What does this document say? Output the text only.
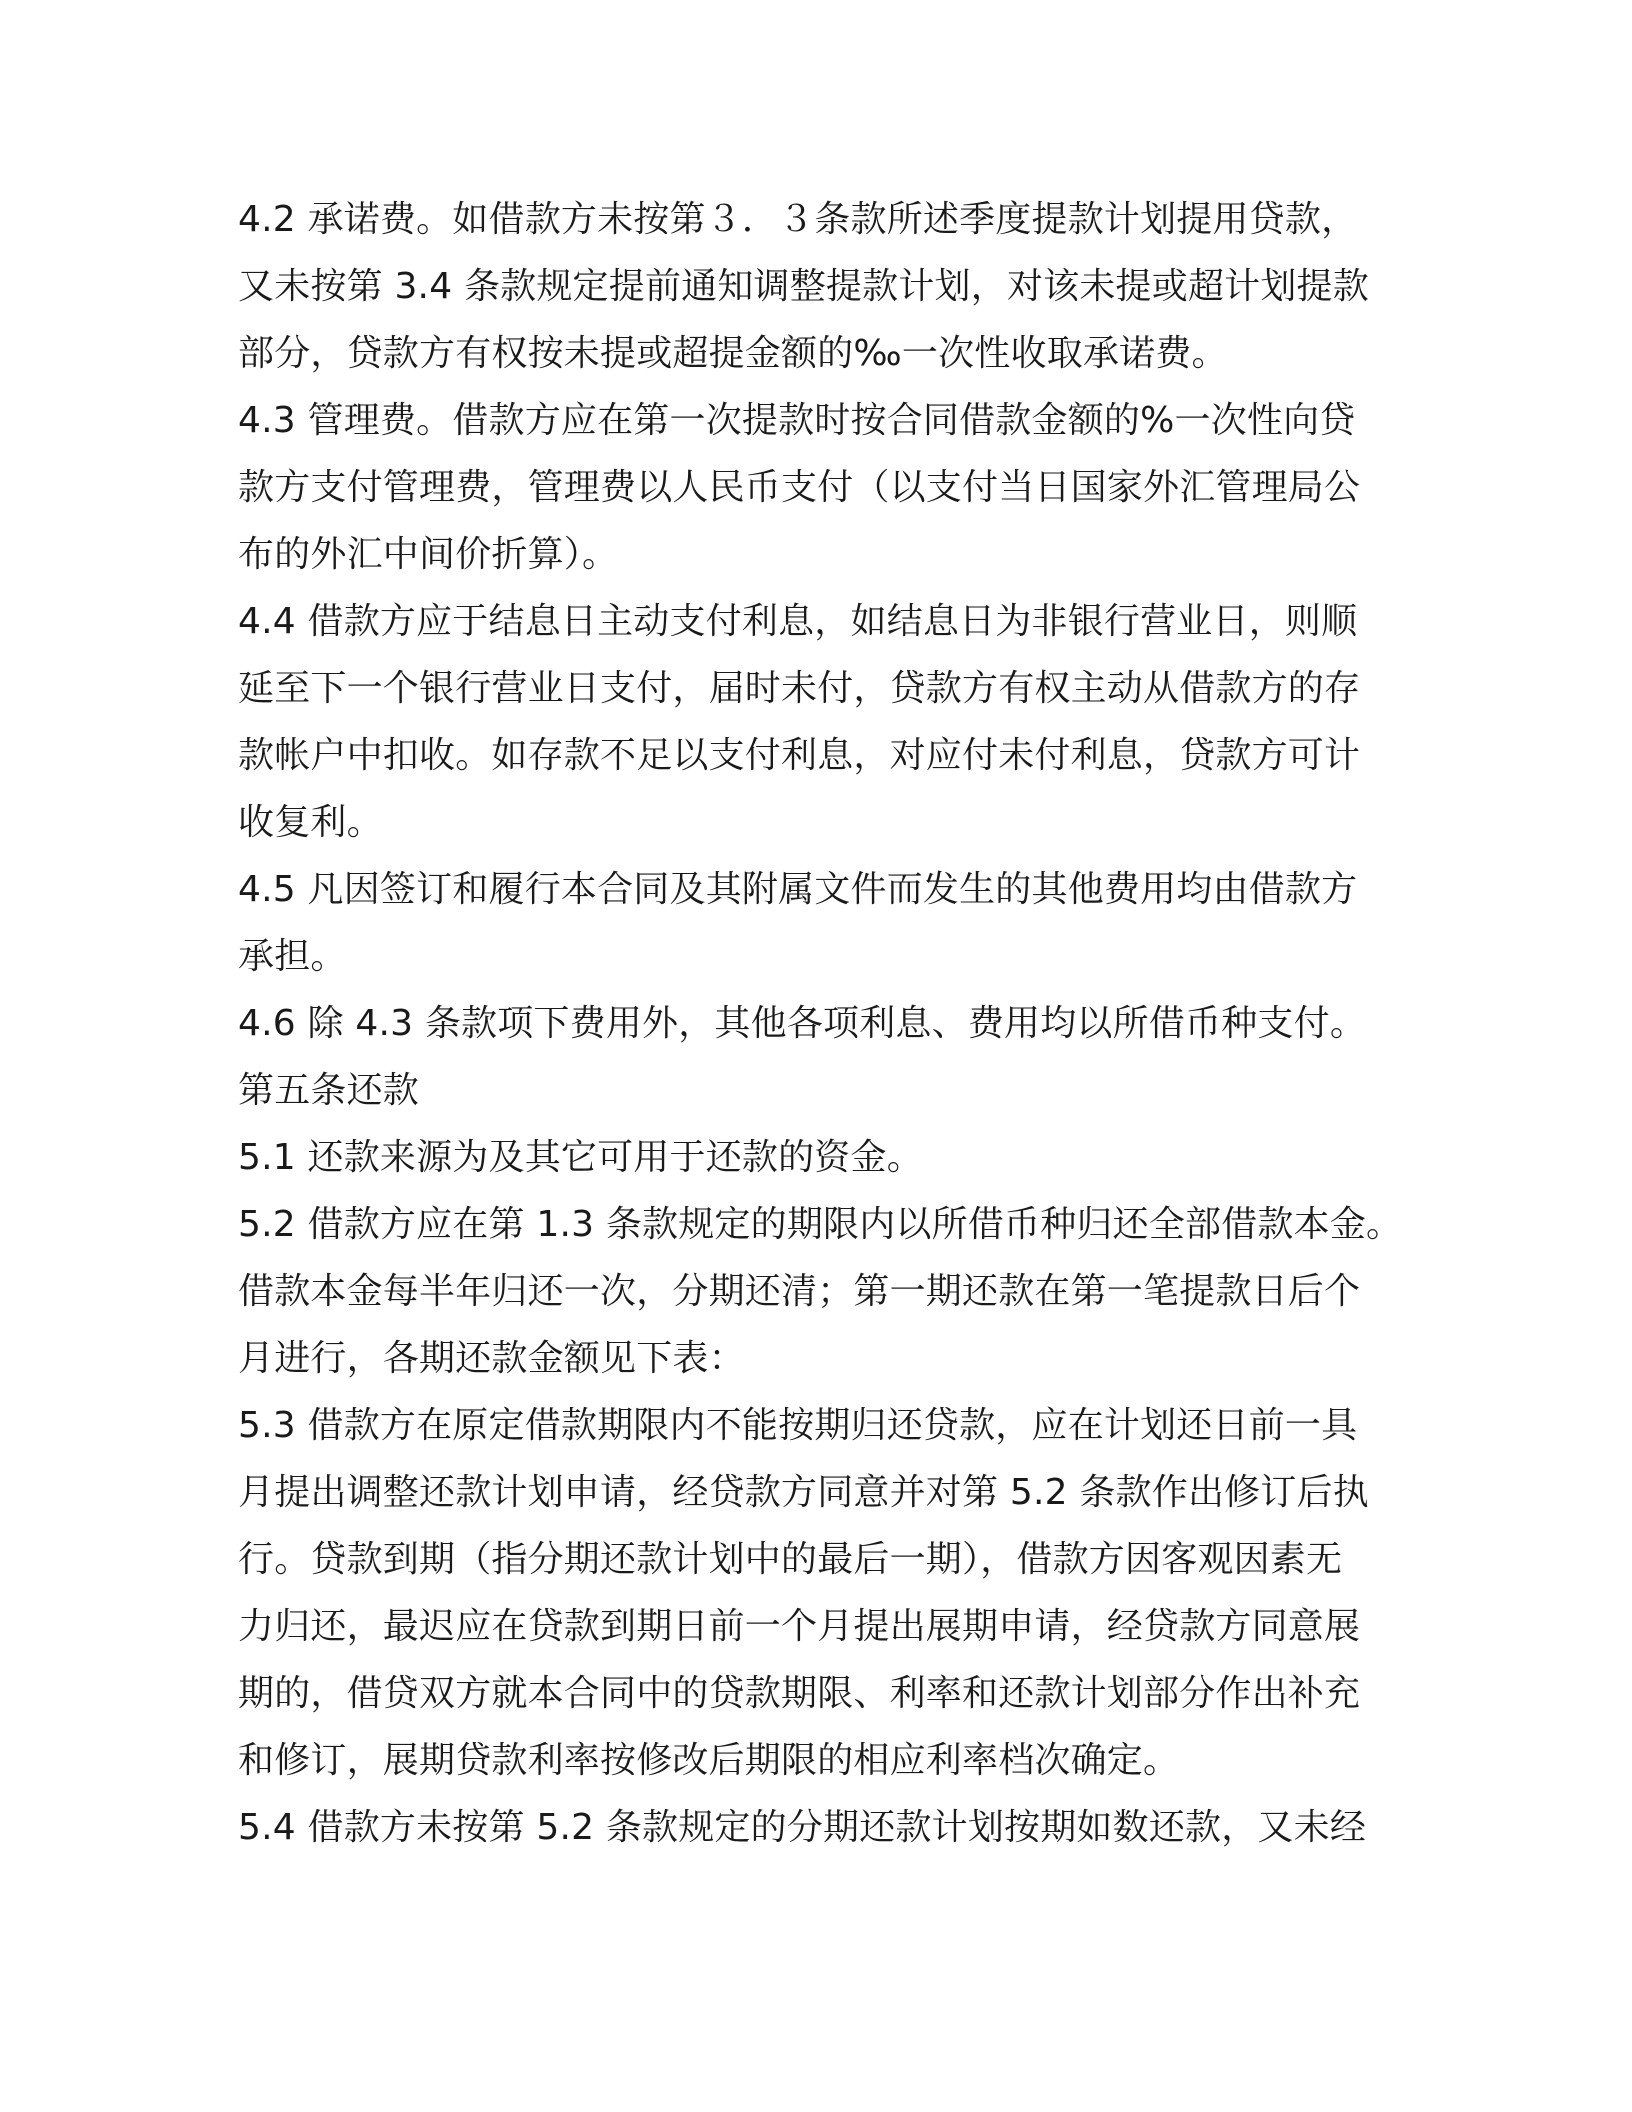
4.2 承诺费。如借款方未按第３．３条款所述季度提款计划提用贷款，
又未按第 3.4 条款规定提前通知调整提款计划，对该未提或超计划提款
部分，贷款方有权按未提或超提金额的‰一次性收取承诺费。
4.3 管理费。借款方应在第一次提款时按合同借款金额的%一次性向贷
款方支付管理费，管理费以人民币支付（以支付当日国家外汇管理局公
布的外汇中间价折算）。
4.4 借款方应于结息日主动支付利息，如结息日为非银行营业日，则顺
延至下一个银行营业日支付，届时未付，贷款方有权主动从借款方的存
款帐户中扣收。如存款不足以支付利息，对应付未付利息，贷款方可计
收复利。
4.5 凡因签订和履行本合同及其附属文件而发生的其他费用均由借款方
承担。
4.6 除 4.3 条款项下费用外，其他各项利息、费用均以所借币种支付。
第五条还款
5.1 还款来源为及其它可用于还款的资金。
5.2 借款方应在第 1.3 条款规定的期限内以所借币种归还全部借款本金。
借款本金每半年归还一次，分期还清；第一期还款在第一笔提款日后个
月进行，各期还款金额见下表：
5.3 借款方在原定借款期限内不能按期归还贷款，应在计划还日前一具
月提出调整还款计划申请，经贷款方同意并对第 5.2 条款作出修订后执
行。贷款到期（指分期还款计划中的最后一期），借款方因客观因素无
力归还，最迟应在贷款到期日前一个月提出展期申请，经贷款方同意展
期的，借贷双方就本合同中的贷款期限、利率和还款计划部分作出补充
和修订，展期贷款利率按修改后期限的相应利率档次确定。
5.4 借款方未按第 5.2 条款规定的分期还款计划按期如数还款，又未经
